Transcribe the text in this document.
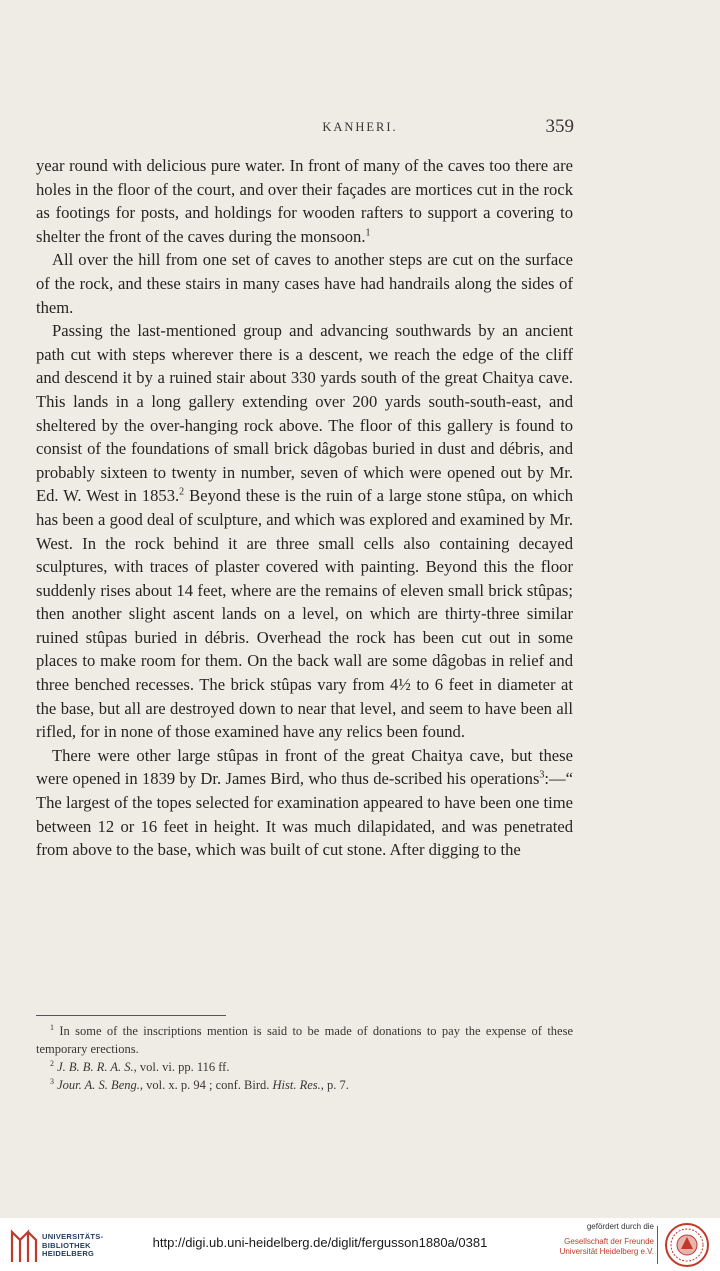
KANHERI.	359

year round with delicious pure water. In front of many of the caves too there are holes in the floor of the court, and over their façades are mortices cut in the rock as footings for posts, and holdings for wooden rafters to support a covering to shelter the front of the caves during the monsoon.$^1$

All over the hill from one set of caves to another steps are cut on the surface of the rock, and these stairs in many cases have had handrails along the sides of them.

Passing the last-mentioned group and advancing southwards by an ancient path cut with steps wherever there is a descent, we reach the edge of the cliff and descend it by a ruined stair about 330 yards south of the great Chaitya cave. This lands in a long gallery extending over 200 yards south-south-east, and sheltered by the over-hanging rock above. The floor of this gallery is found to consist of the foundations of small brick dâgobas buried in dust and débris, and probably sixteen to twenty in number, seven of which were opened out by Mr. Ed. W. West in 1853.$^2$ Beyond these is the ruin of a large stone stûpa, on which has been a good deal of sculpture, and which was explored and examined by Mr. West. In the rock behind it are three small cells also containing decayed sculptures, with traces of plaster covered with painting. Beyond this the floor suddenly rises about 14 feet, where are the remains of eleven small brick stûpas; then another slight ascent lands on a level, on which are thirty-three similar ruined stûpas buried in débris. Overhead the rock has been cut out in some places to make room for them. On the back wall are some dâgobas in relief and three benched recesses. The brick stûpas vary from 4½ to 6 feet in diameter at the base, but all are destroyed down to near that level, and seem to have been all rifled, for in none of those examined have any relics been found.

There were other large stûpas in front of the great Chaitya cave, but these were opened in 1839 by Dr. James Bird, who thus de-scribed his operations$^3$:—“ The largest of the topes selected for examination appeared to have been one time between 12 or 16 feet in height. It was much dilapidated, and was penetrated from above to the base, which was built of cut stone. After digging to the

$^1$ In some of the inscriptions mention is said to be made of donations to pay the expense of these temporary erections.

$^2$ J. B. B. R. A. S., vol. vi. pp. 116 ff.

$^3$ Jour. A. S. Beng., vol. x. p. 94 ; conf. Bird. Hist. Res., p. 7.

UNIVERSITÄTS-
BIBLIOTHEK
HEIDELBERG
http://digi.ub.uni-heidelberg.de/diglit/fergusson1880a/0381
gefördert durch die
Gesellschaft der Freunde
Universität Heidelberg e.V.
